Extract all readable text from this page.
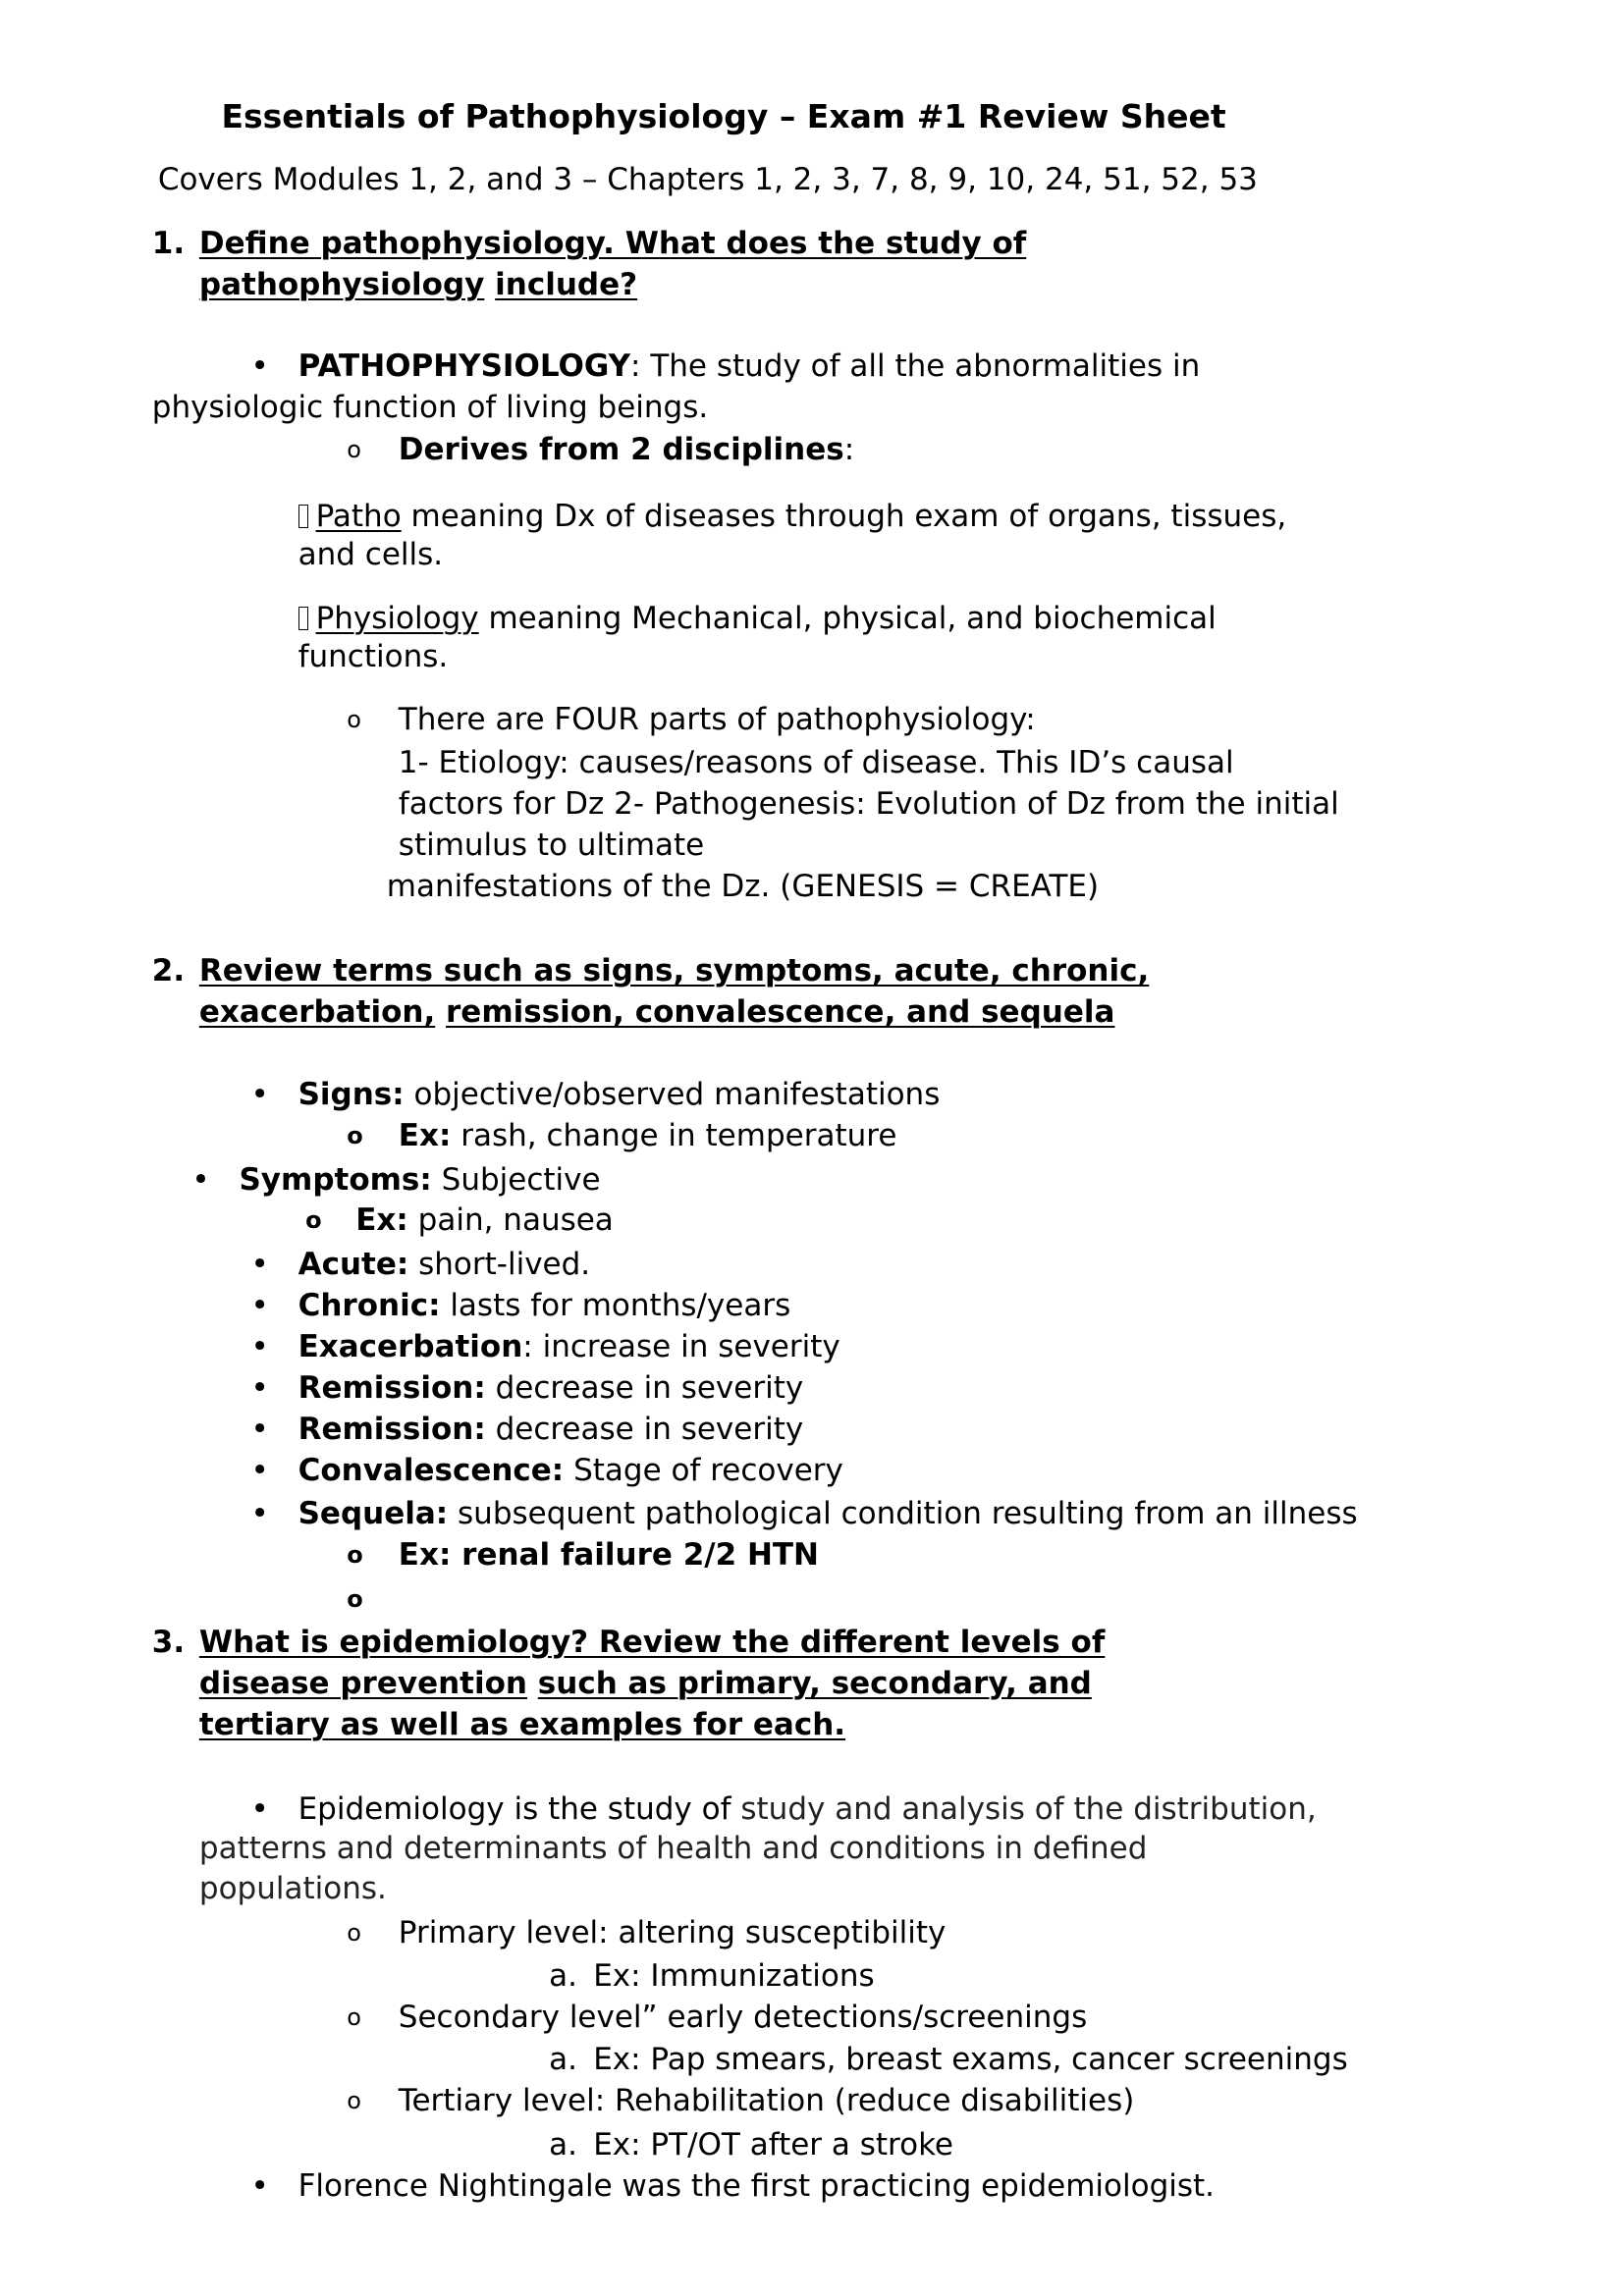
Essentials of Pathophysiology – Exam #1 Review Sheet
Covers Modules 1, 2, and 3 – Chapters 1, 2, 3, 7, 8, 9, 10, 24, 51, 52, 53
1. Define pathophysiology. What does the study of
pathophysiology include?
• PATHOPHYSIOLOGY: The study of all the abnormalities in
physiologic function of living beings.
o Derives from 2 disciplines:
Patho meaning Dx of diseases through exam of organs, tissues,
and cells.
Physiology meaning Mechanical, physical, and biochemical
functions.
o There are FOUR parts of pathophysiology:
1- Etiology: causes/reasons of disease. This ID’s causal
factors for Dz 2- Pathogenesis: Evolution of Dz from the initial
stimulus to ultimate
manifestations of the Dz. (GENESIS = CREATE)
2. Review terms such as signs, symptoms, acute, chronic,
exacerbation, remission, convalescence, and sequela
• Signs: objective/observed manifestations
o Ex: rash, change in temperature
• Symptoms: Subjective
o Ex: pain, nausea
• Acute: short-lived.
• Chronic: lasts for months/years
• Exacerbation: increase in severity
• Remission: decrease in severity
• Remission: decrease in severity
• Convalescence: Stage of recovery
• Sequela: subsequent pathological condition resulting from an illness
o Ex: renal failure 2/2 HTN
o
3. What is epidemiology? Review the different levels of
disease prevention such as primary, secondary, and
tertiary as well as examples for each.
• Epidemiology is the study of study and analysis of the distribution,
patterns and determinants of health and conditions in defined
populations.
o Primary level: altering susceptibility
a. Ex: Immunizations
o Secondary level” early detections/screenings
a. Ex: Pap smears, breast exams, cancer screenings
o Tertiary level: Rehabilitation (reduce disabilities)
a. Ex: PT/OT after a stroke
• Florence Nightingale was the first practicing epidemiologist.
